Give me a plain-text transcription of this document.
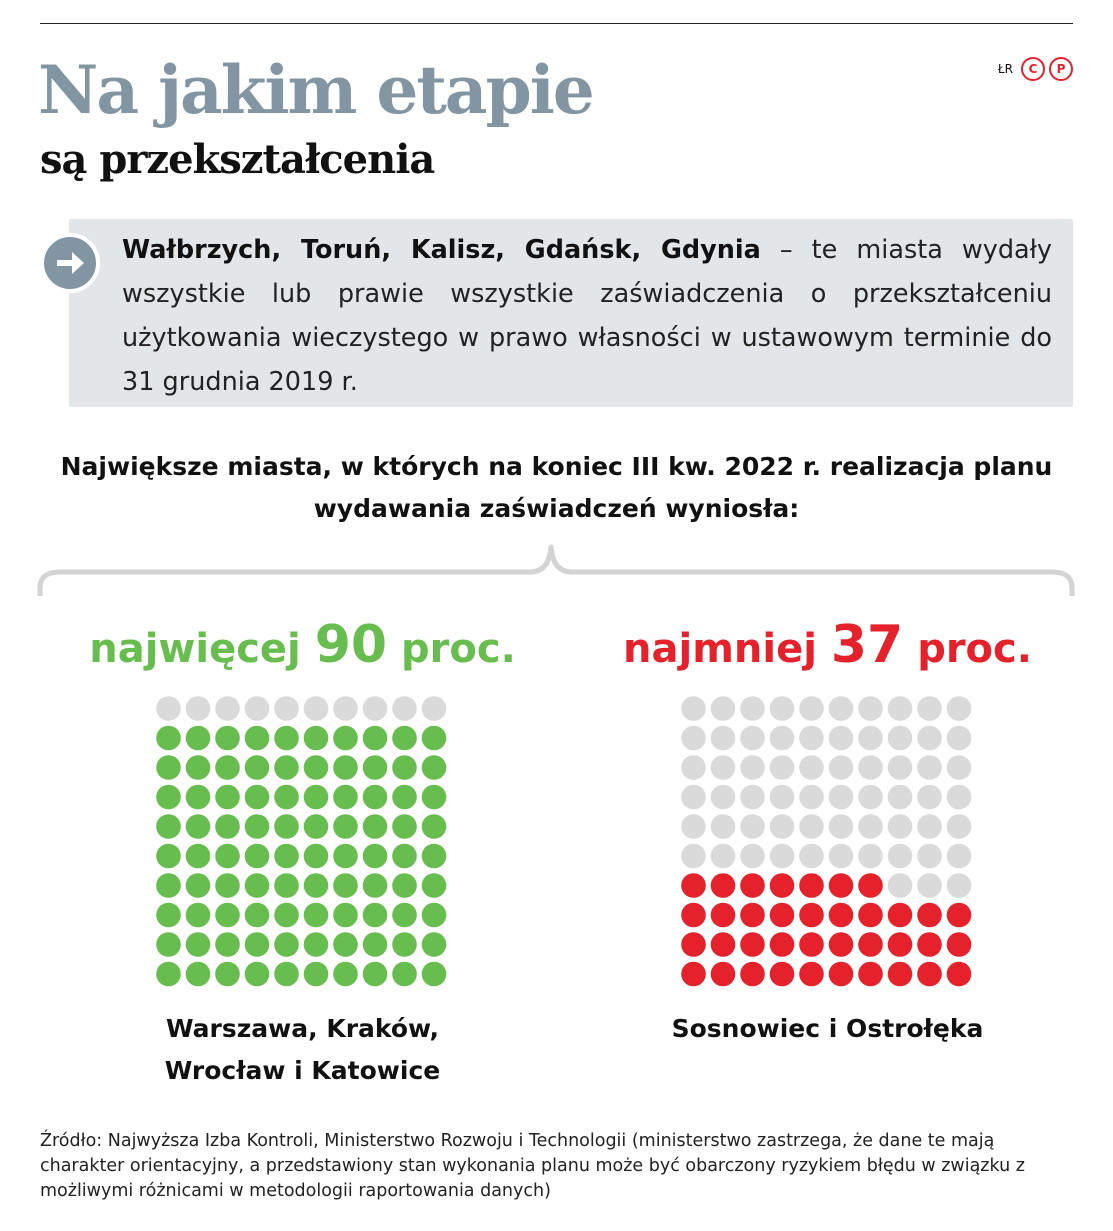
Na jakim etapie
są przekształcenia
ŁR	C	P

Wałbrzych, Toruń, Kalisz, Gdańsk, Gdynia – te miasta wydały wszystkie lub prawie wszystkie zaświadczenia o przekształceniu użytkowania wieczystego w prawo własności w ustawowym terminie do 31 grudnia 2019 r.

Największe miasta, w których na koniec III kw. 2022 r. realizacja planu wydawania zaświadczeń wyniosła:

najwięcej 90 proc.	najmniej 37 proc.

Warszawa, Kraków,
Wrocław i Katowice

Sosnowiec i Ostrołęka

Źródło: Najwyższa Izba Kontroli, Ministerstwo Rozwoju i Technologii (ministerstwo zastrzega, że dane te mają charakter orientacyjny, a przedstawiony stan wykonania planu może być obarczony ryzykiem błędu w związku z możliwymi różnicami w metodologii raportowania danych)
